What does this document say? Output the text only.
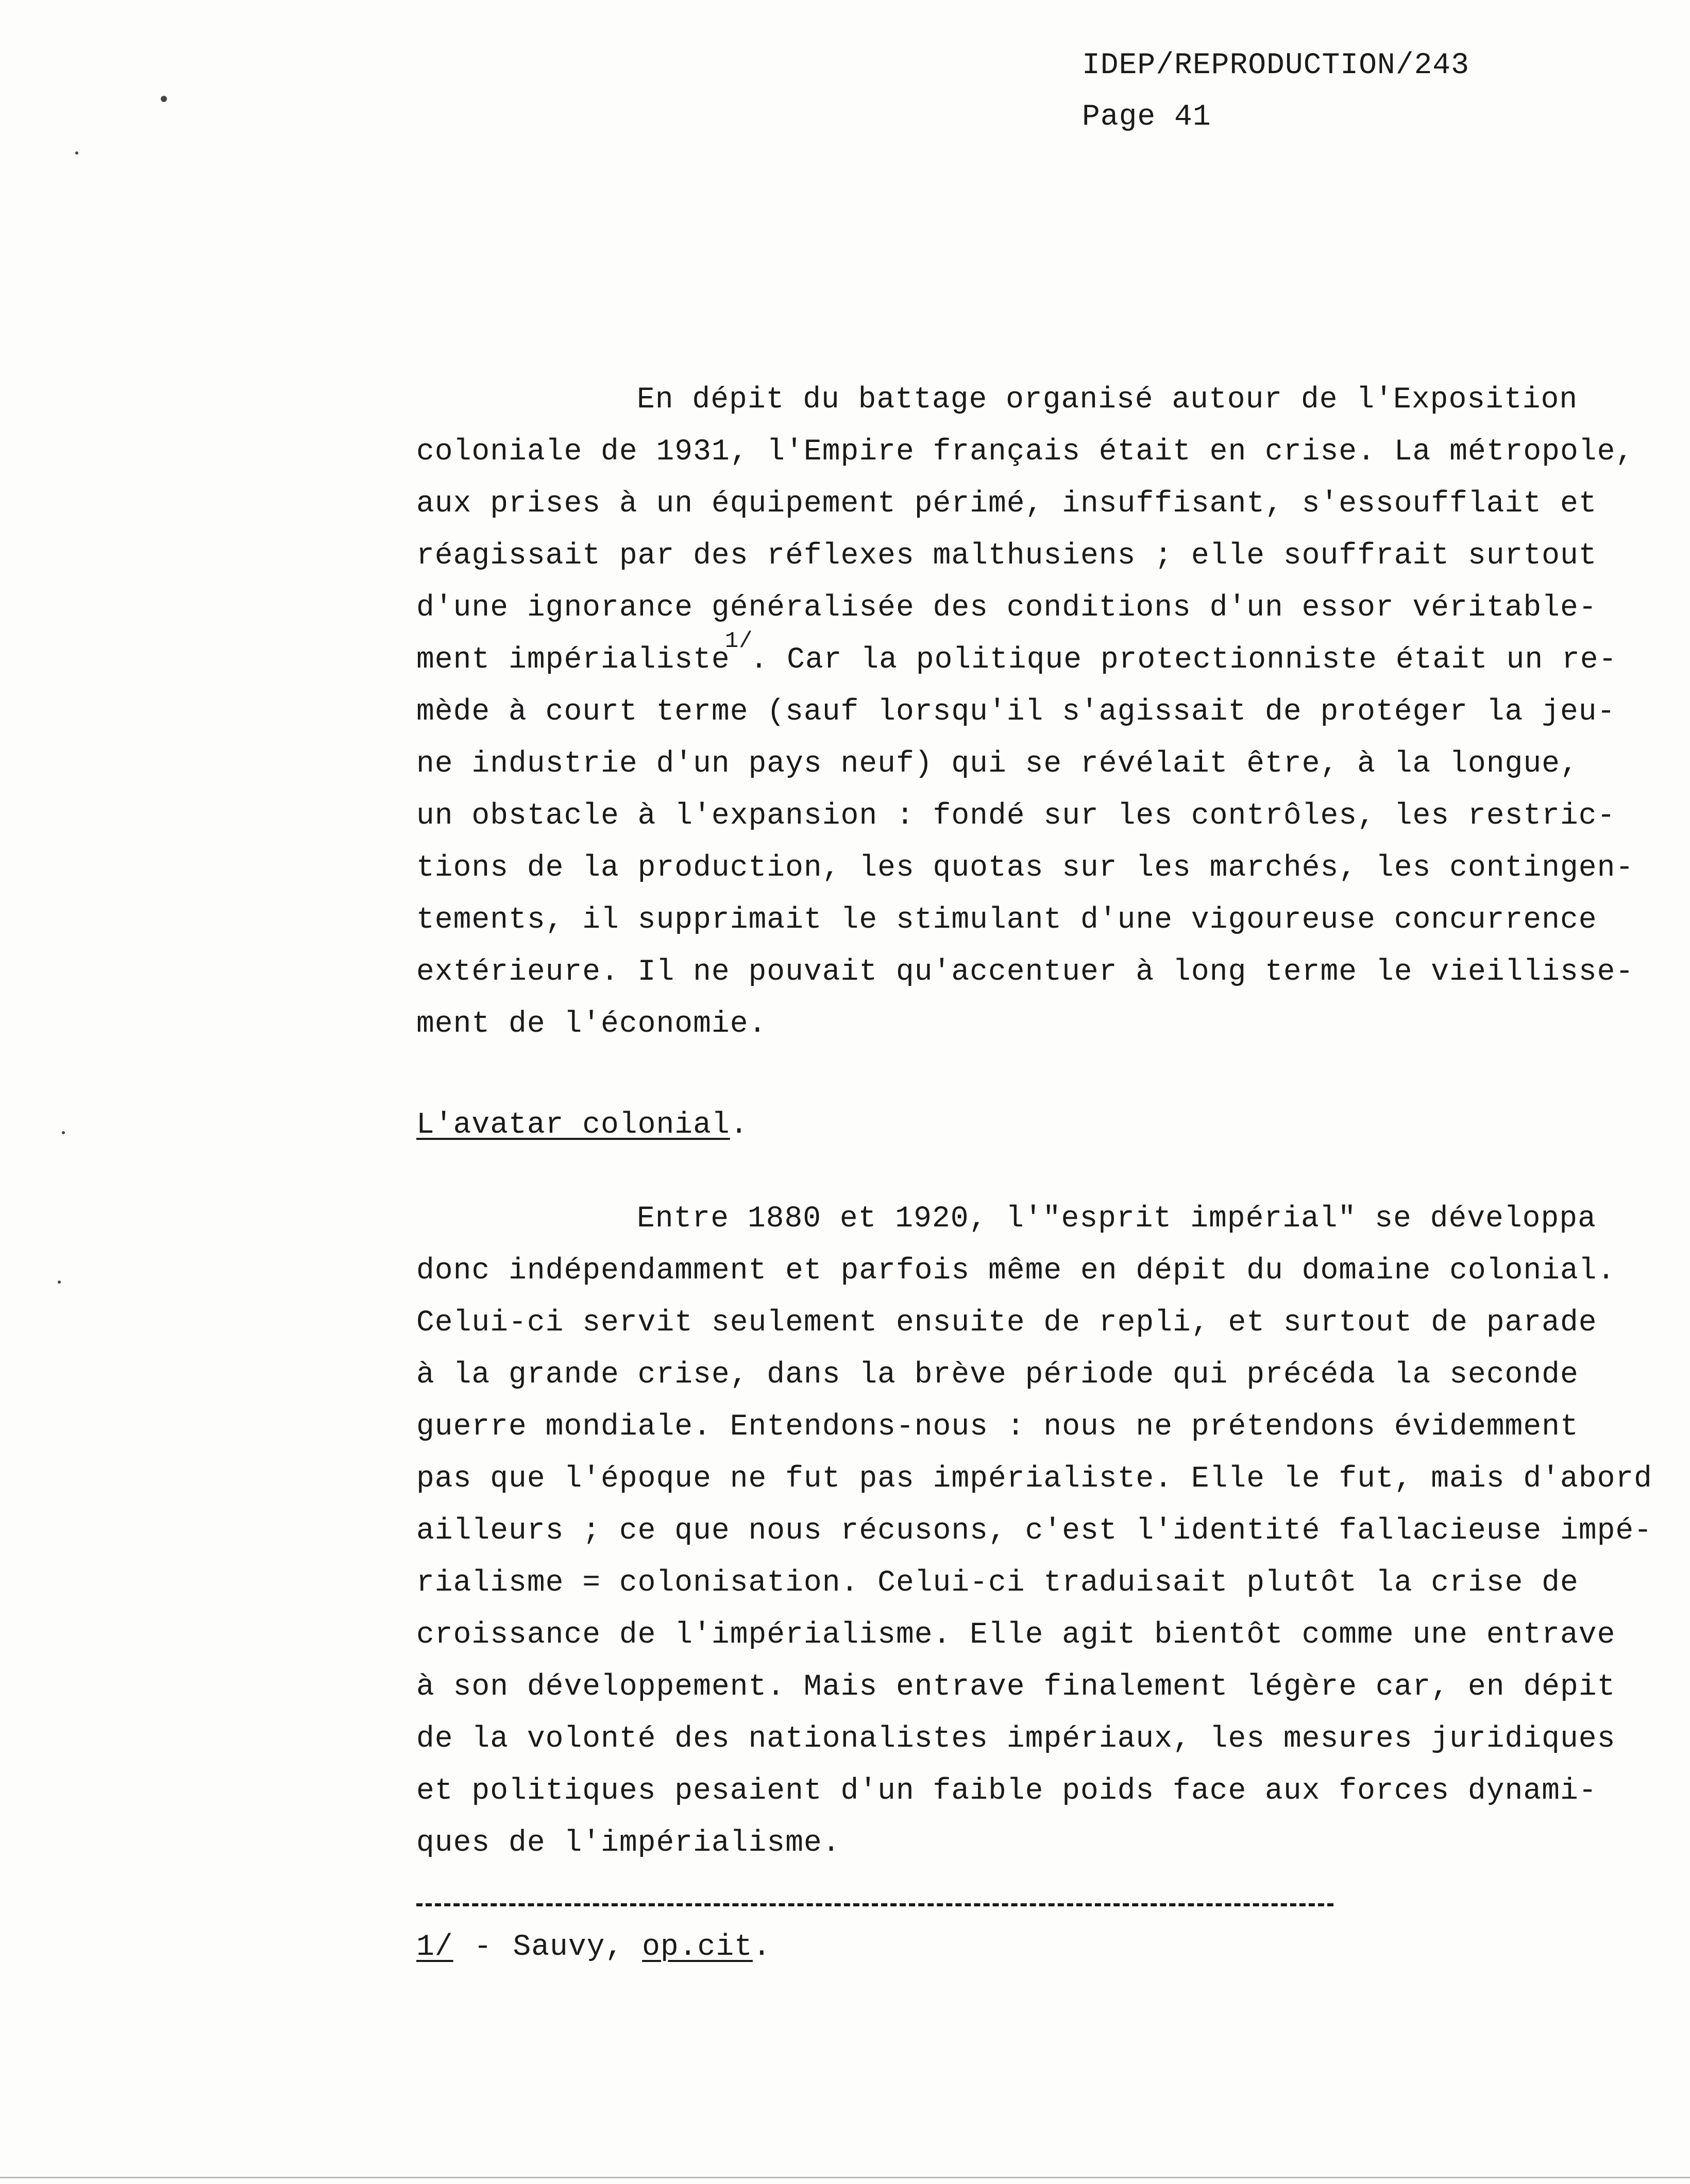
IDEP/REPRODUCTION/243
Page 41
En dépit du battage organisé autour de l'Exposition
coloniale de 1931, l'Empire français était en crise. La métropole,
aux prises à un équipement périmé, insuffisant, s'essoufflait et
réagissait par des réflexes malthusiens ; elle souffrait surtout
d'une ignorance généralisée des conditions d'un essor véritable-
ment impérialiste1/. Car la politique protectionniste était un re-
mède à court terme (sauf lorsqu'il s'agissait de protéger la jeu-
ne industrie d'un pays neuf) qui se révélait être, à la longue,
un obstacle à l'expansion : fondé sur les contrôles, les restric-
tions de la production, les quotas sur les marchés, les contingen-
tements, il supprimait le stimulant d'une vigoureuse concurrence
extérieure. Il ne pouvait qu'accentuer à long terme le vieillisse-
ment de l'économie.
L'avatar colonial.
Entre 1880 et 1920, l'"esprit impérial" se développa
donc indépendamment et parfois même en dépit du domaine colonial.
Celui-ci servit seulement ensuite de repli, et surtout de parade
à la grande crise, dans la brève période qui précéda la seconde
guerre mondiale. Entendons-nous : nous ne prétendons évidemment
pas que l'époque ne fut pas impérialiste. Elle le fut, mais d'abord
ailleurs ; ce que nous récusons, c'est l'identité fallacieuse impé-
rialisme = colonisation. Celui-ci traduisait plutôt la crise de
croissance de l'impérialisme. Elle agit bientôt comme une entrave
à son développement. Mais entrave finalement légère car, en dépit
de la volonté des nationalistes impériaux, les mesures juridiques
et politiques pesaient d'un faible poids face aux forces dynami-
ques de l'impérialisme.
1/ - Sauvy, op.cit.
